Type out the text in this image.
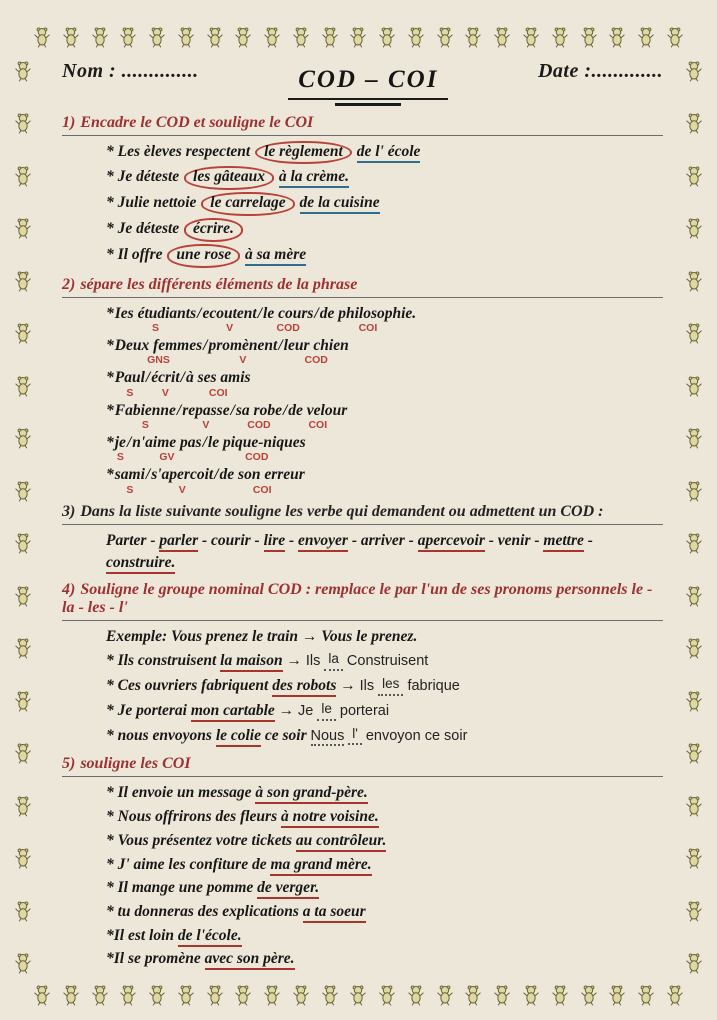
Nom : ..............	COD – COI	Date :.............
1) Encadre le COD et souligne le COI
* Les èleves respectent le règlement de l' école
* Je déteste les gâteaux à la crème.
* Julie nettoie le carrelage de la cuisine
* Je déteste écrire.
* Il offre une rose à sa mère
2) sépare les différents éléments de la phrase
* Ies étudiants
S
/ ecoutent
V
/ le cours
COD
/ de philosophie.
COI
* Deux femmes
GNS
/ promènent
V
/ leur chien
COD
* Paul
S
/ écrit
V
/ à ses amis
COI
* Fabienne
S
/ repasse
V
/ sa robe
COD
/ de velour
COI
* je
S
/ n'aime pas
GV
/ le pique-niques
COD
* sami
S
/ s'apercoit
V
/ de son erreur
COI
3) Dans la liste suivante souligne les verbe qui demandent ou admettent un COD :
Parter - parler - courir - lire - envoyer - arriver - apercevoir - venir - mettre - construire.
4) Souligne le groupe nominal COD : remplace le par l'un de ses pronoms personnels le - la - les - l'
Exemple: Vous prenez le train → Vous le prenez.
* Ils construisent la maison → Ils la Construisent
* Ces ouvriers fabriquent des robots → Ils les fabrique
* Je porterai mon cartable → Je le porterai
* nous envoyons le colie ce soir Nous l' envoyon ce soir
5) souligne les COI
* Il envoie un message à son grand-père.
* Nous offrirons des fleurs à notre voisine.
* Vous présentez votre tickets au contrôleur.
* J' aime les confiture de ma grand mère.
* Il mange une pomme de verger.
* tu donneras des explications a ta soeur
*Il est loin de l'école.
*Il se promène avec son père.
